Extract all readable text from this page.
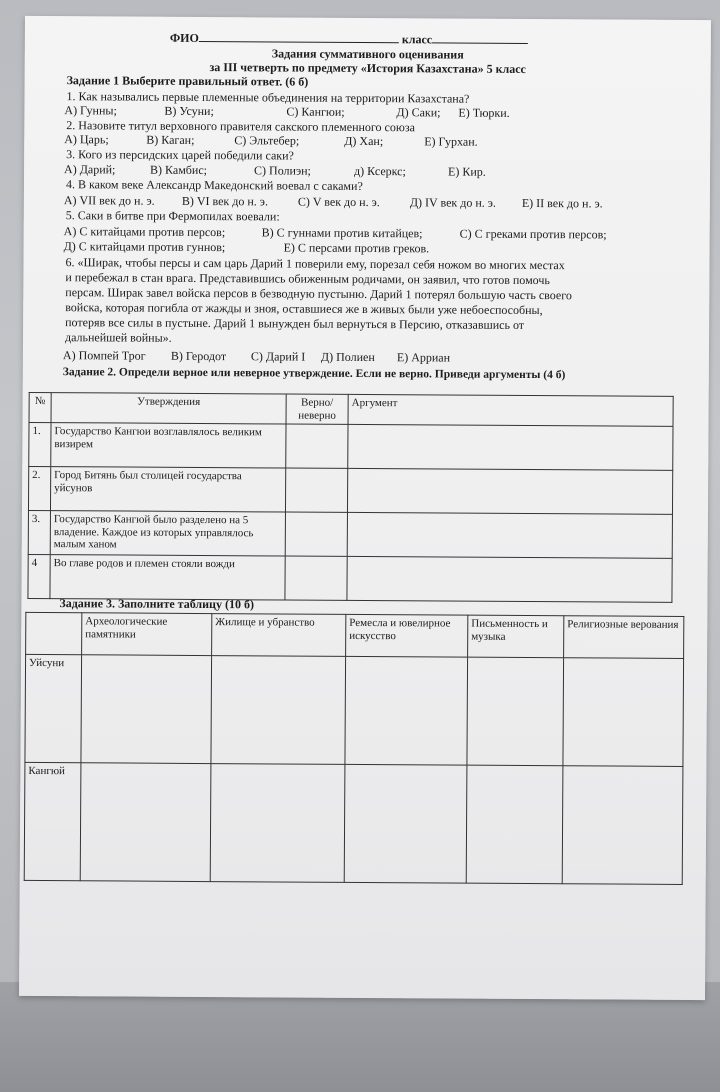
ФИО	класс
Задания суммативного оценивания
за III четверть по предмету «История Казахстана» 5 класс
Задание 1 Выберите правильный ответ. (6 б)
1. Как назывались первые племенные объединения на территории Казахстана?
А) Гунны;	В) Усуни;	С) Кангюи;	Д) Саки; Е) Тюрки.
2. Назовите титул верховного правителя сакского племенного союза
А) Царь;	В) Каган;	С) Эльтебер;	Д) Хан;	Е) Гурхан.
3. Кого из персидских царей победили саки?
А) Дарий;	В) Камбис;	С) Полиэн;	д) Ксеркс;	Е) Кир.
4. В каком веке Александр Македонский воевал с саками?
А) VII век до н. э. В) VI век до н. э. С) V век до н. э.	Д) IV век до н. э. Е) II век до н. э.
5. Саки в битве при Фермопилах воевали:
А) С китайцами против персов;	В) С гуннами против китайцев;	С) С греками против персов;
Д) С китайцами против гуннов;	Е) С персами против греков.
6. «Ширак, чтобы персы и сам царь Дарий 1 поверили ему, порезал себя ножом во многих местах
и перебежал в стан врага. Представившись обиженным родичами, он заявил, что готов помочь
персам. Ширак завел войска персов в безводную пустыню. Дарий 1 потерял большую часть своего
войска, которая погибла от жажды и зноя, оставшиеся же в живых были уже небоеспособны,
потеряв все силы в пустыне. Дарий 1 вынужден был вернуться в Персию, отказавшись от
дальнейшей войны».
А) Помпей Трог В) Геродот С) Дарий I Д) Полиен Е) Арриан
Задание 2. Определи верное или неверное утверждение. Если не верно. Приведи аргументы (4 б)
№	Утверждения	Верно/ неверно	Аргумент
1.	Государство Кангюи возглавлялось великим визирем		

2.	Город Битянь был столицей государства уйсунов		

3.	Государство Кангюй было разделено на 5 владение. Каждое из которых управлялось малым ханом		

4	Во главе родов и племен стояли вожди		

Задание 3. Заполните таблицу (10 б)
	Археологические памятники	Жилище и убранство	Ремесла и ювелирное искусство	Письменность и музыка	Религиозные верования
Уйсуни					
Кангюй					
